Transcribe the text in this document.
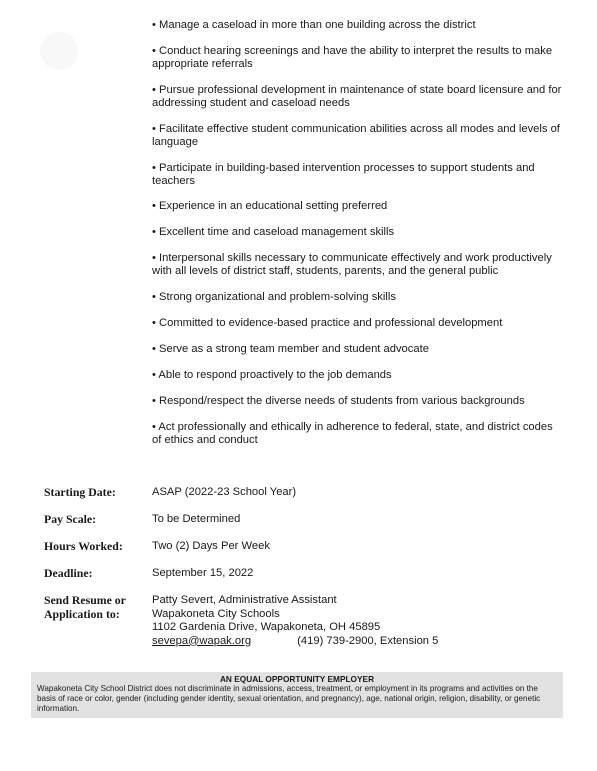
• Manage a caseload in more than one building across the district
• Conduct hearing screenings and have the ability to interpret the results to make appropriate referrals
• Pursue professional development in maintenance of state board licensure and for addressing student and caseload needs
• Facilitate effective student communication abilities across all modes and levels of language
• Participate in building-based intervention processes to support students and teachers
• Experience in an educational setting preferred
• Excellent time and caseload management skills
• Interpersonal skills necessary to communicate effectively and work productively with all levels of district staff, students, parents, and the general public
• Strong organizational and problem-solving skills
• Committed to evidence-based practice and professional development
• Serve as a strong team member and student advocate
• Able to respond proactively to the job demands
• Respond/respect the diverse needs of students from various backgrounds
• Act professionally and ethically in adherence to federal, state, and district codes of ethics and conduct
Starting Date:	ASAP (2022-23 School Year)
Pay Scale:	To be Determined
Hours Worked:	Two (2) Days Per Week
Deadline:	September 15, 2022
Send Resume or
Application to:
Patty Severt, Administrative Assistant
Wapakoneta City Schools
1102 Gardenia Drive, Wapakoneta, OH 45895
sevepa@wapak.org	(419) 739-2900, Extension 5
AN EQUAL OPPORTUNITY EMPLOYER
Wapakoneta City School District does not discriminate in admissions, access, treatment, or employment in its programs and activities on the basis of race or color, gender (including gender identity, sexual orientation, and pregnancy), age, national origin, religion, disability, or genetic information.
